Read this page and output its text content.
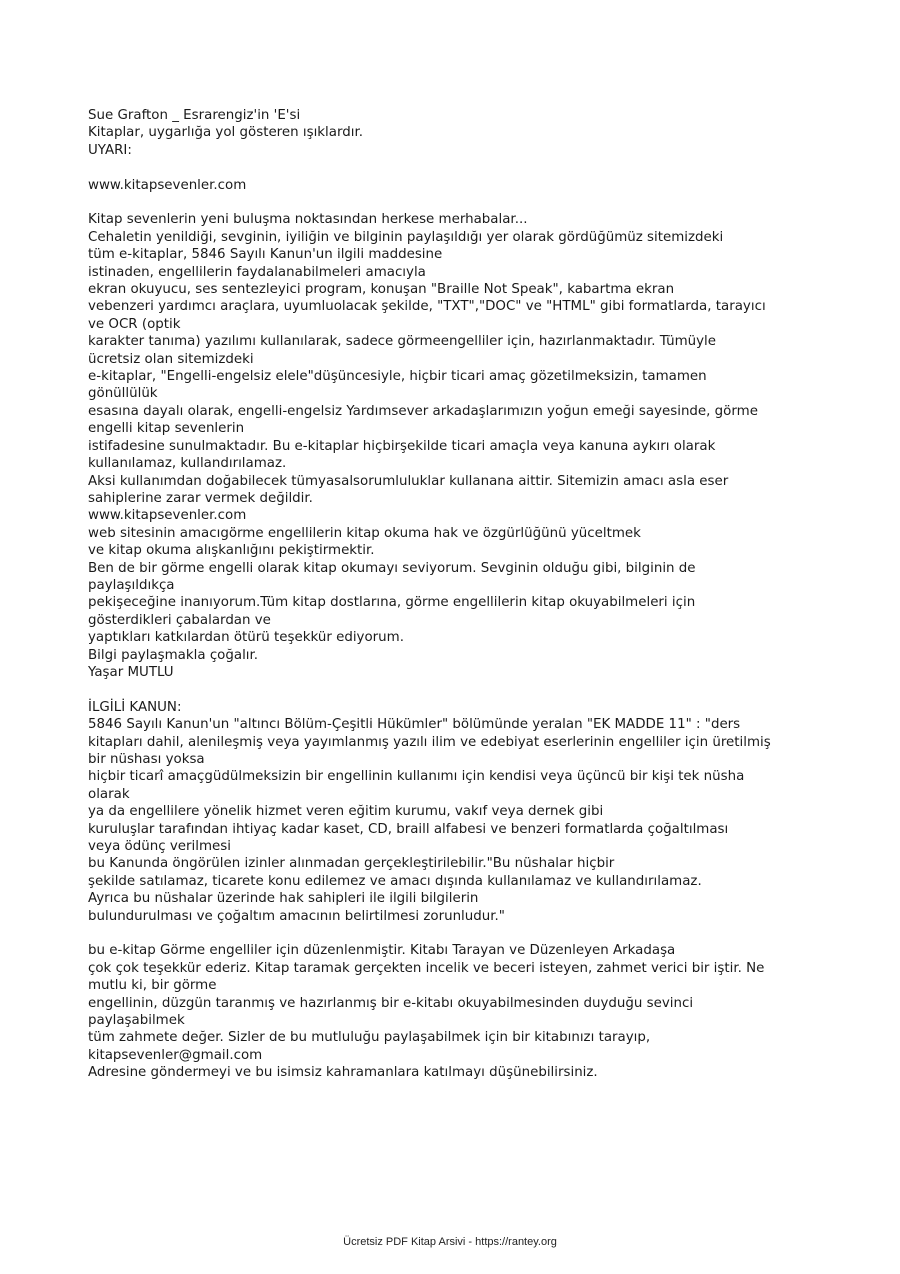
Sue Grafton _ Esrarengiz'in 'E'si
Kitaplar, uygarlığa yol gösteren ışıklardır.
UYARI:
www.kitapsevenler.com
Kitap sevenlerin yeni buluşma noktasından herkese merhabalar...
Cehaletin yenildiği, sevginin, iyiliğin ve bilginin paylaşıldığı yer olarak gördüğümüz sitemizdeki
tüm e-kitaplar, 5846 Sayılı Kanun'un ilgili maddesine
istinaden, engellilerin faydalanabilmeleri amacıyla
ekran okuyucu, ses sentezleyici program, konuşan "Braille Not Speak", kabartma ekran
vebenzeri yardımcı araçlara, uyumluolacak şekilde, "TXT","DOC" ve "HTML" gibi formatlarda, tarayıcı
ve OCR (optik
karakter tanıma) yazılımı kullanılarak, sadece görmeengelliler için, hazırlanmaktadır. Tümüyle
ücretsiz olan sitemizdeki
e-kitaplar, "Engelli-engelsiz elele"düşüncesiyle, hiçbir ticari amaç gözetilmeksizin, tamamen
gönüllülük
esasına dayalı olarak, engelli-engelsiz Yardımsever arkadaşlarımızın yoğun emeği sayesinde, görme
engelli kitap sevenlerin
istifadesine sunulmaktadır. Bu e-kitaplar hiçbirşekilde ticari amaçla veya kanuna aykırı olarak
kullanılamaz, kullandırılamaz.
Aksi kullanımdan doğabilecek tümyasalsorumluluklar kullanana aittir. Sitemizin amacı asla eser
sahiplerine zarar vermek değildir.
www.kitapsevenler.com
web sitesinin amacıgörme engellilerin kitap okuma hak ve özgürlüğünü yüceltmek
ve kitap okuma alışkanlığını pekiştirmektir.
Ben de bir görme engelli olarak kitap okumayı seviyorum. Sevginin olduğu gibi, bilginin de
paylaşıldıkça
pekişeceğine inanıyorum.Tüm kitap dostlarına, görme engellilerin kitap okuyabilmeleri için
gösterdikleri çabalardan ve
yaptıkları katkılardan ötürü teşekkür ediyorum.
Bilgi paylaşmakla çoğalır.
Yaşar MUTLU
İLGİLİ KANUN:
5846 Sayılı Kanun'un "altıncı Bölüm-Çeşitli Hükümler" bölümünde yeralan "EK MADDE 11" : "ders
kitapları dahil, alenileşmiş veya yayımlanmış yazılı ilim ve edebiyat eserlerinin engelliler için üretilmiş
bir nüshası yoksa
hiçbir ticarî amaçgüdülmeksizin bir engellinin kullanımı için kendisi veya üçüncü bir kişi tek nüsha
olarak
ya da engellilere yönelik hizmet veren eğitim kurumu, vakıf veya dernek gibi
kuruluşlar tarafından ihtiyaç kadar kaset, CD, braill alfabesi ve benzeri formatlarda çoğaltılması
veya ödünç verilmesi
bu Kanunda öngörülen izinler alınmadan gerçekleştirilebilir."Bu nüshalar hiçbir
şekilde satılamaz, ticarete konu edilemez ve amacı dışında kullanılamaz ve kullandırılamaz.
Ayrıca bu nüshalar üzerinde hak sahipleri ile ilgili bilgilerin
bulundurulması ve çoğaltım amacının belirtilmesi zorunludur."
bu e-kitap Görme engelliler için düzenlenmiştir. Kitabı Tarayan ve Düzenleyen Arkadaşa
çok çok teşekkür ederiz. Kitap taramak gerçekten incelik ve beceri isteyen, zahmet verici bir iştir. Ne
mutlu ki, bir görme
engellinin, düzgün taranmış ve hazırlanmış bir e-kitabı okuyabilmesinden duyduğu sevinci
paylaşabilmek
tüm zahmete değer. Sizler de bu mutluluğu paylaşabilmek için bir kitabınızı tarayıp,
kitapsevenler@gmail.com
Adresine göndermeyi ve bu isimsiz kahramanlara katılmayı düşünebilirsiniz.
Ücretsiz PDF Kitap Arsivi - https://rantey.org
